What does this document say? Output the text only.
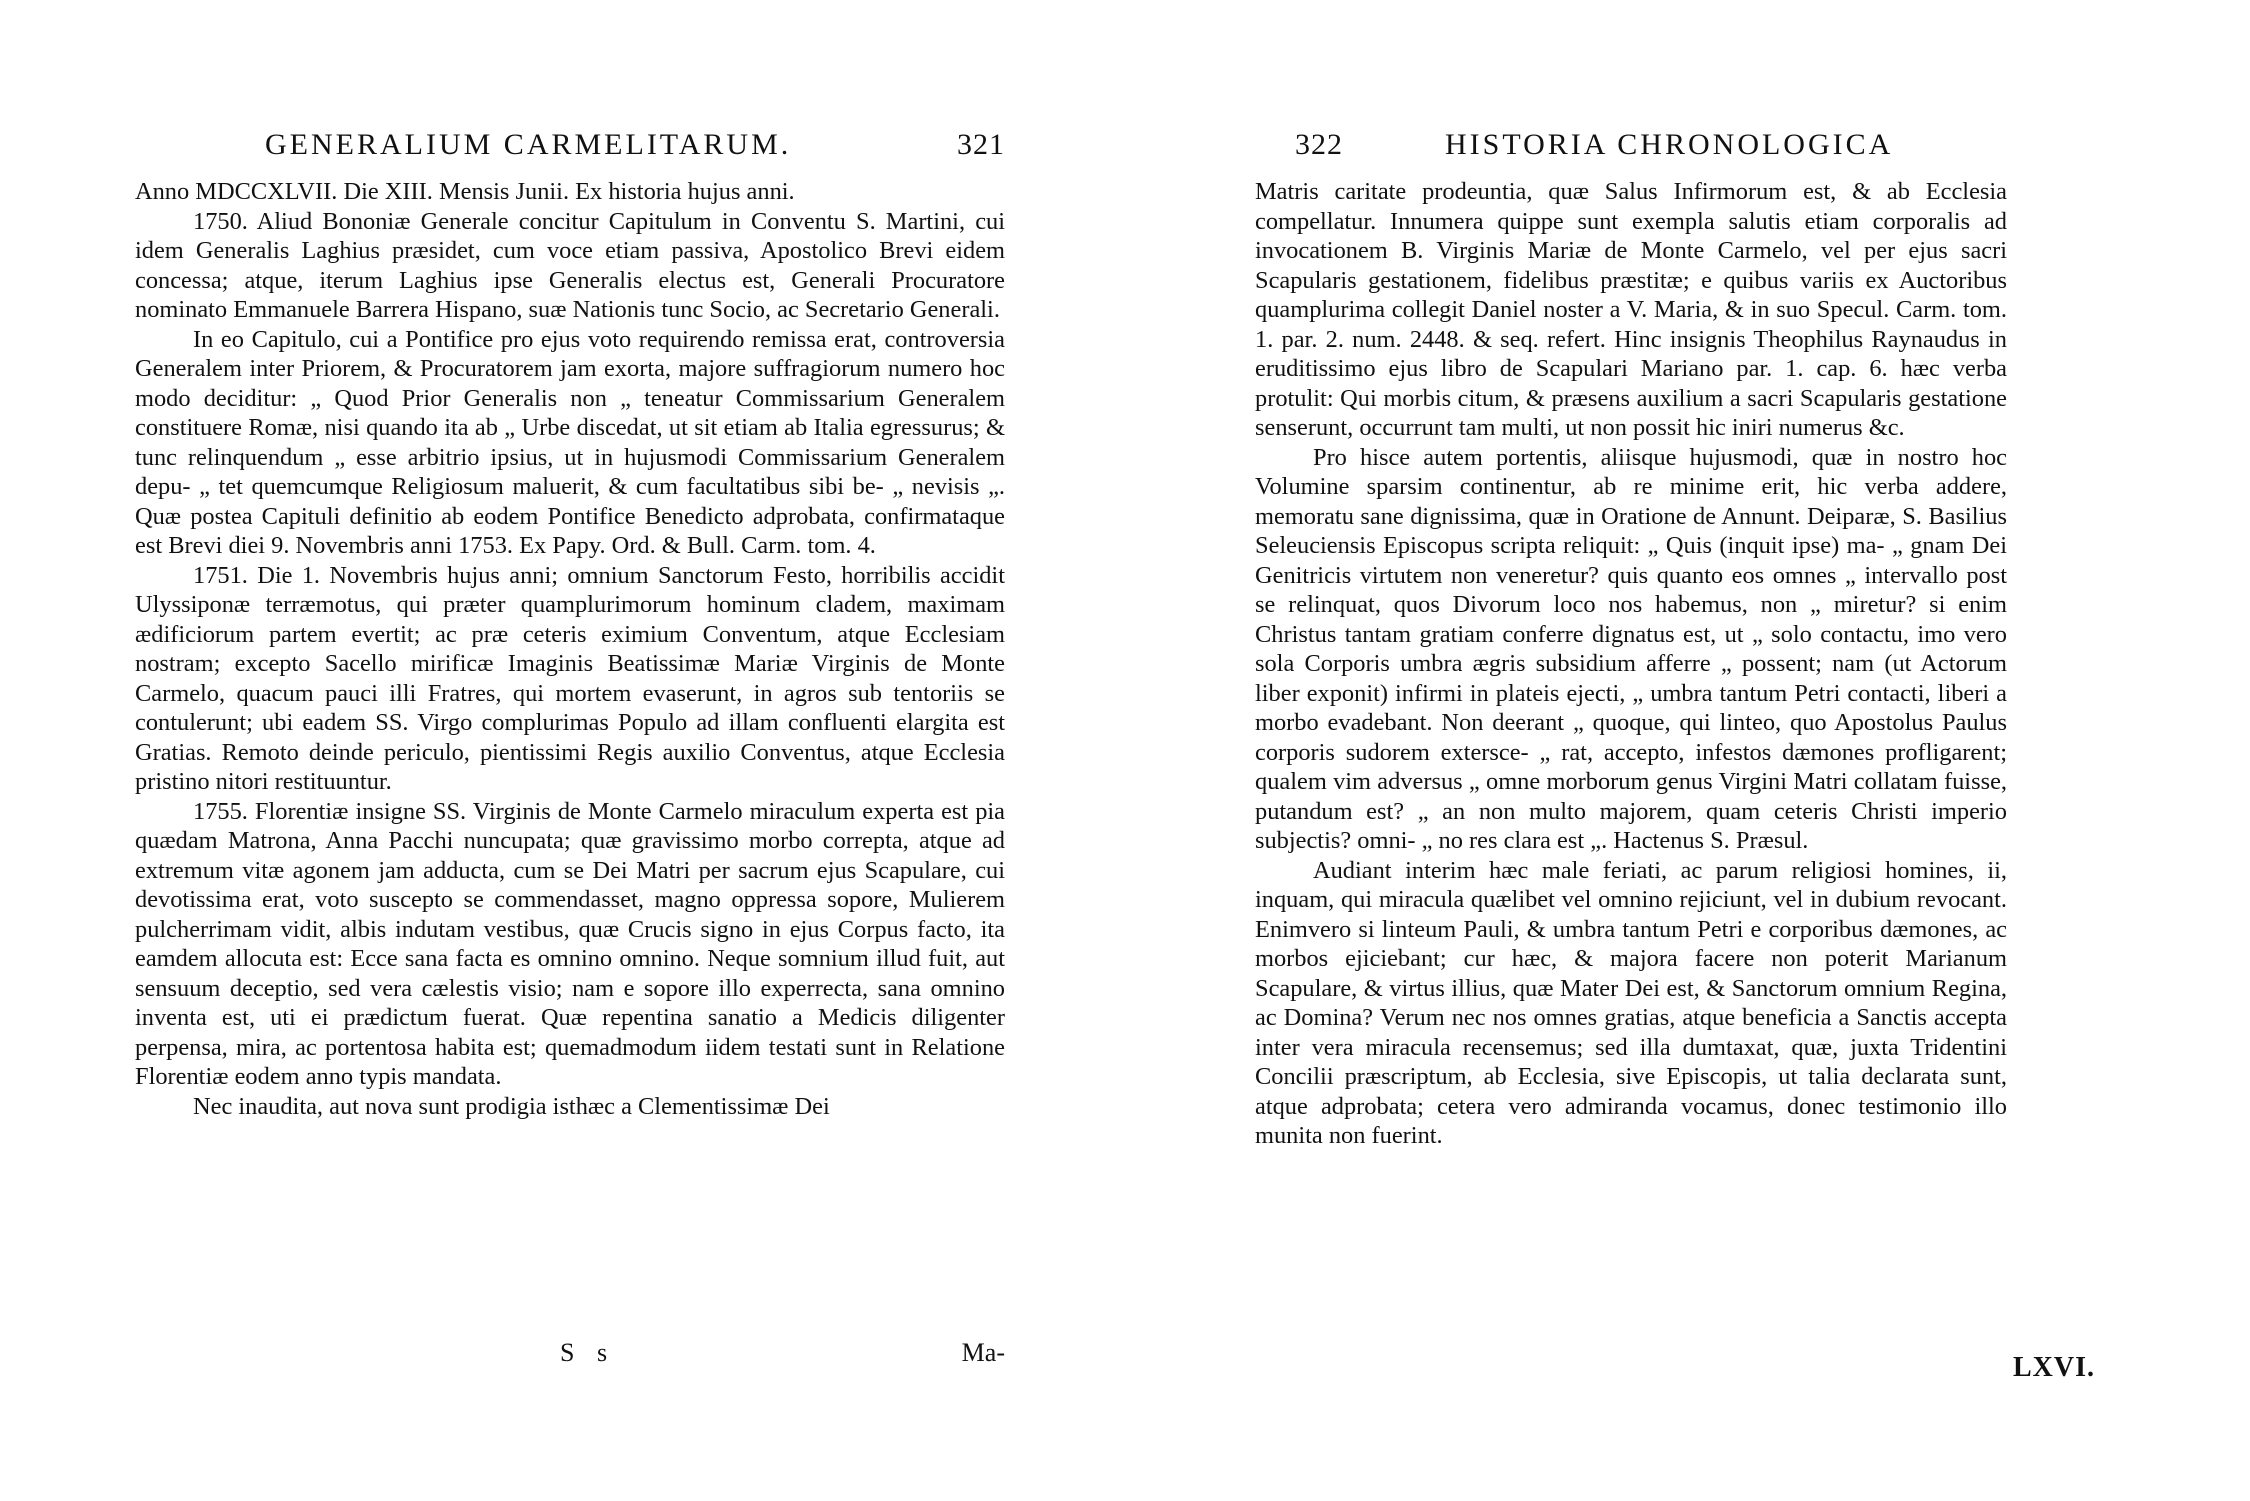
GENERALIUM CARMELITARUM.	321

Anno MDCCXLVII. Die XIII. Mensis Junii. Ex historia hujus anni.

1750. Aliud Bononiæ Generale concitur Capitulum in Conventu S. Martini, cui idem Generalis Laghius præsidet, cum voce etiam passiva, Apostolico Brevi eidem concessa; atque, iterum Laghius ipse Generalis electus est, Generali Procuratore nominato Emmanuele Barrera Hispano, suæ Nationis tunc Socio, ac Secretario Generali.

In eo Capitulo, cui a Pontifice pro ejus voto requirendo remissa erat, controversia Generalem inter Priorem, & Procuratorem jam exorta, majore suffragiorum numero hoc modo deciditur: „ Quod Prior Generalis non „ teneatur Commissarium Generalem constituere Romæ, nisi quando ita ab „ Urbe discedat, ut sit etiam ab Italia egressurus; & tunc relinquendum „ esse arbitrio ipsius, ut in hujusmodi Commissarium Generalem depu- „ tet quemcumque Religiosum maluerit, & cum facultatibus sibi be- „ nevisis „. Quæ postea Capituli definitio ab eodem Pontifice Benedicto adprobata, confirmataque est Brevi diei 9. Novembris anni 1753. Ex Papy. Ord. & Bull. Carm. tom. 4.

1751. Die 1. Novembris hujus anni; omnium Sanctorum Festo, horribilis accidit Ulyssiponæ terræmotus, qui præter quamplurimorum hominum cladem, maximam ædificiorum partem evertit; ac præ ceteris eximium Conventum, atque Ecclesiam nostram; excepto Sacello mirificæ Imaginis Beatissimæ Mariæ Virginis de Monte Carmelo, quacum pauci illi Fratres, qui mortem evaserunt, in agros sub tentoriis se contulerunt; ubi eadem SS. Virgo complurimas Populo ad illam confluenti elargita est Gratias. Remoto deinde periculo, pientissimi Regis auxilio Conventus, atque Ecclesia pristino nitori restituuntur.

1755. Florentiæ insigne SS. Virginis de Monte Carmelo miraculum experta est pia quædam Matrona, Anna Pacchi nuncupata; quæ gravissimo morbo correpta, atque ad extremum vitæ agonem jam adducta, cum se Dei Matri per sacrum ejus Scapulare, cui devotissima erat, voto suscepto se commendasset, magno oppressa sopore, Mulierem pulcherrimam vidit, albis indutam vestibus, quæ Crucis signo in ejus Corpus facto, ita eamdem allocuta est: Ecce sana facta es omnino omnino. Neque somnium illud fuit, aut sensuum deceptio, sed vera cælestis visio; nam e sopore illo experrecta, sana omnino inventa est, uti ei prædictum fuerat. Quæ repentina sanatio a Medicis diligenter perpensa, mira, ac portentosa habita est; quemadmodum iidem testati sunt in Relatione Florentiæ eodem anno typis mandata.

Nec inaudita, aut nova sunt prodigia isthæc a Clementissimæ Dei

S s	Ma-
322	HISTORIA CHRONOLOGICA

Matris caritate prodeuntia, quæ Salus Infirmorum est, & ab Ecclesia compellatur. Innumera quippe sunt exempla salutis etiam corporalis ad invocationem B. Virginis Mariæ de Monte Carmelo, vel per ejus sacri Scapularis gestationem, fidelibus præstitæ; e quibus variis ex Auctoribus quamplurima collegit Daniel noster a V. Maria, & in suo Specul. Carm. tom. 1. par. 2. num. 2448. & seq. refert. Hinc insignis Theophilus Raynaudus in eruditissimo ejus libro de Scapulari Mariano par. 1. cap. 6. hæc verba protulit: Qui morbis citum, & præsens auxilium a sacri Scapularis gestatione senserunt, occurrunt tam multi, ut non possit hic iniri numerus &c.

Pro hisce autem portentis, aliisque hujusmodi, quæ in nostro hoc Volumine sparsim continentur, ab re minime erit, hic verba addere, memoratu sane dignissima, quæ in Oratione de Annunt. Deiparæ, S. Basilius Seleuciensis Episcopus scripta reliquit: „ Quis (inquit ipse) ma- „ gnam Dei Genitricis virtutem non veneretur? quis quanto eos omnes „ intervallo post se relinquat, quos Divorum loco nos habemus, non „ miretur? si enim Christus tantam gratiam conferre dignatus est, ut „ solo contactu, imo vero sola Corporis umbra ægris subsidium afferre „ possent; nam (ut Actorum liber exponit) infirmi in plateis ejecti, „ umbra tantum Petri contacti, liberi a morbo evadebant. Non deerant „ quoque, qui linteo, quo Apostolus Paulus corporis sudorem extersce- „ rat, accepto, infestos dæmones profligarent; qualem vim adversus „ omne morborum genus Virgini Matri collatam fuisse, putandum est? „ an non multo majorem, quam ceteris Christi imperio subjectis? omni- „ no res clara est „. Hactenus S. Præsul.

Audiant interim hæc male feriati, ac parum religiosi homines, ii, inquam, qui miracula quælibet vel omnino rejiciunt, vel in dubium revocant. Enimvero si linteum Pauli, & umbra tantum Petri e corporibus dæmones, ac morbos ejiciebant; cur hæc, & majora facere non poterit Marianum Scapulare, & virtus illius, quæ Mater Dei est, & Sanctorum omnium Regina, ac Domina? Verum nec nos omnes gratias, atque beneficia a Sanctis accepta inter vera miracula recensemus; sed illa dumtaxat, quæ, juxta Tridentini Concilii præscriptum, ab Ecclesia, sive Episcopis, ut talia declarata sunt, atque adprobata; cetera vero admiranda vocamus, donec testimonio illo munita non fuerint.

LXVI.
